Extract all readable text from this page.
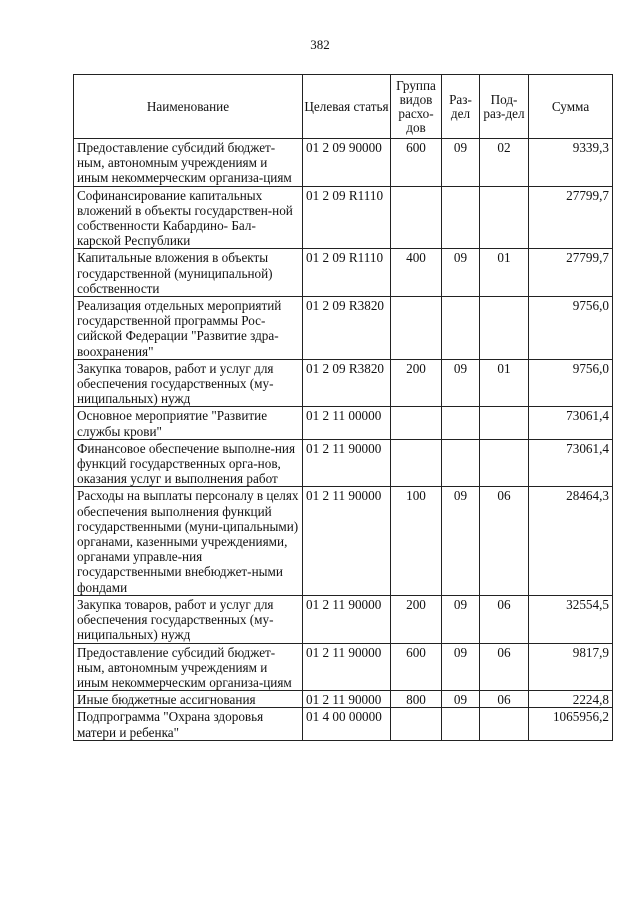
382
Наименование	Целевая статья	Группа видов расхо-дов	Раз-дел	Под-раз-дел	Сумма
Предоставление субсидий бюджет-ным, автономным учреждениям и иным некоммерческим организа-циям	01 2 09 90000	600	09	02	9339,3
Софинансирование капитальных вложений в объекты государствен-ной собственности Кабардино- Бал-карской Республики	01 2 09 R1110				27799,7
Капитальные вложения в объекты государственной (муниципальной) собственности	01 2 09 R1110	400	09	01	27799,7
Реализация отдельных мероприятий государственной программы Рос-сийской Федерации "Развитие здра-воохранения"	01 2 09 R3820				9756,0
Закупка товаров, работ и услуг для обеспечения государственных (му-ниципальных) нужд	01 2 09 R3820	200	09	01	9756,0
Основное мероприятие "Развитие службы крови"	01 2 11 00000				73061,4
Финансовое обеспечение выполне-ния функций государственных орга-нов, оказания услуг и выполнения работ	01 2 11 90000				73061,4
Расходы на выплаты персоналу в целях обеспечения выполнения функций государственными (муни-ципальными) органами, казенными учреждениями, органами управле-ния государственными внебюджет-ными фондами	01 2 11 90000	100	09	06	28464,3
Закупка товаров, работ и услуг для обеспечения государственных (му-ниципальных) нужд	01 2 11 90000	200	09	06	32554,5
Предоставление субсидий бюджет-ным, автономным учреждениям и иным некоммерческим организа-циям	01 2 11 90000	600	09	06	9817,9
Иные бюджетные ассигнования	01 2 11 90000	800	09	06	2224,8
Подпрограмма "Охрана здоровья матери и ребенка"	01 4 00 00000				1065956,2
